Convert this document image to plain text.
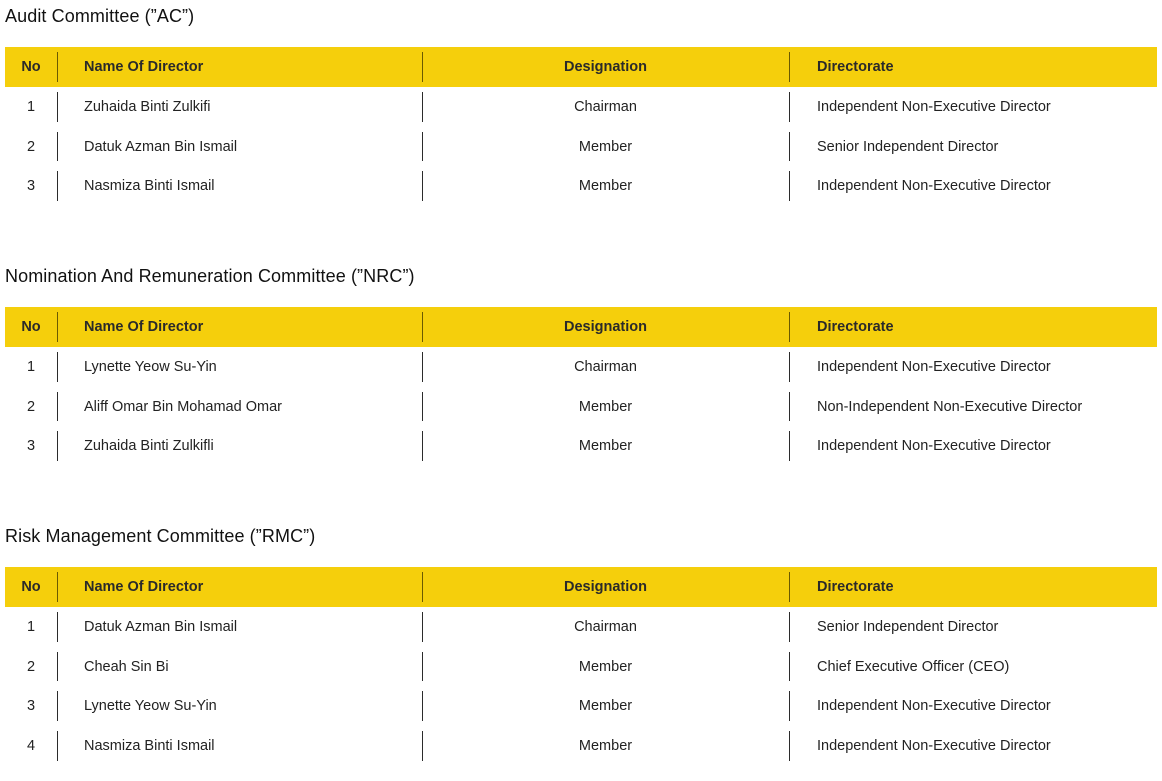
Audit Committee (”AC”)
No	Name Of Director	Designation	Directorate
1	Zuhaida Binti Zulkifi	Chairman	Independent Non-Executive Director
2	Datuk Azman Bin Ismail	Member	Senior Independent Director
3	Nasmiza Binti Ismail	Member	Independent Non-Executive Director
Nomination And Remuneration Committee (”NRC”)
No	Name Of Director	Designation	Directorate
1	Lynette Yeow Su-Yin	Chairman	Independent Non-Executive Director
2	Aliff Omar Bin Mohamad Omar	Member	Non-Independent Non-Executive Director
3	Zuhaida Binti Zulkifli	Member	Independent Non-Executive Director
Risk Management Committee (”RMC”)
No	Name Of Director	Designation	Directorate
1	Datuk Azman Bin Ismail	Chairman	Senior Independent Director
2	Cheah Sin Bi	Member	Chief Executive Officer (CEO)
3	Lynette Yeow Su-Yin	Member	Independent Non-Executive Director
4	Nasmiza Binti Ismail	Member	Independent Non-Executive Director
